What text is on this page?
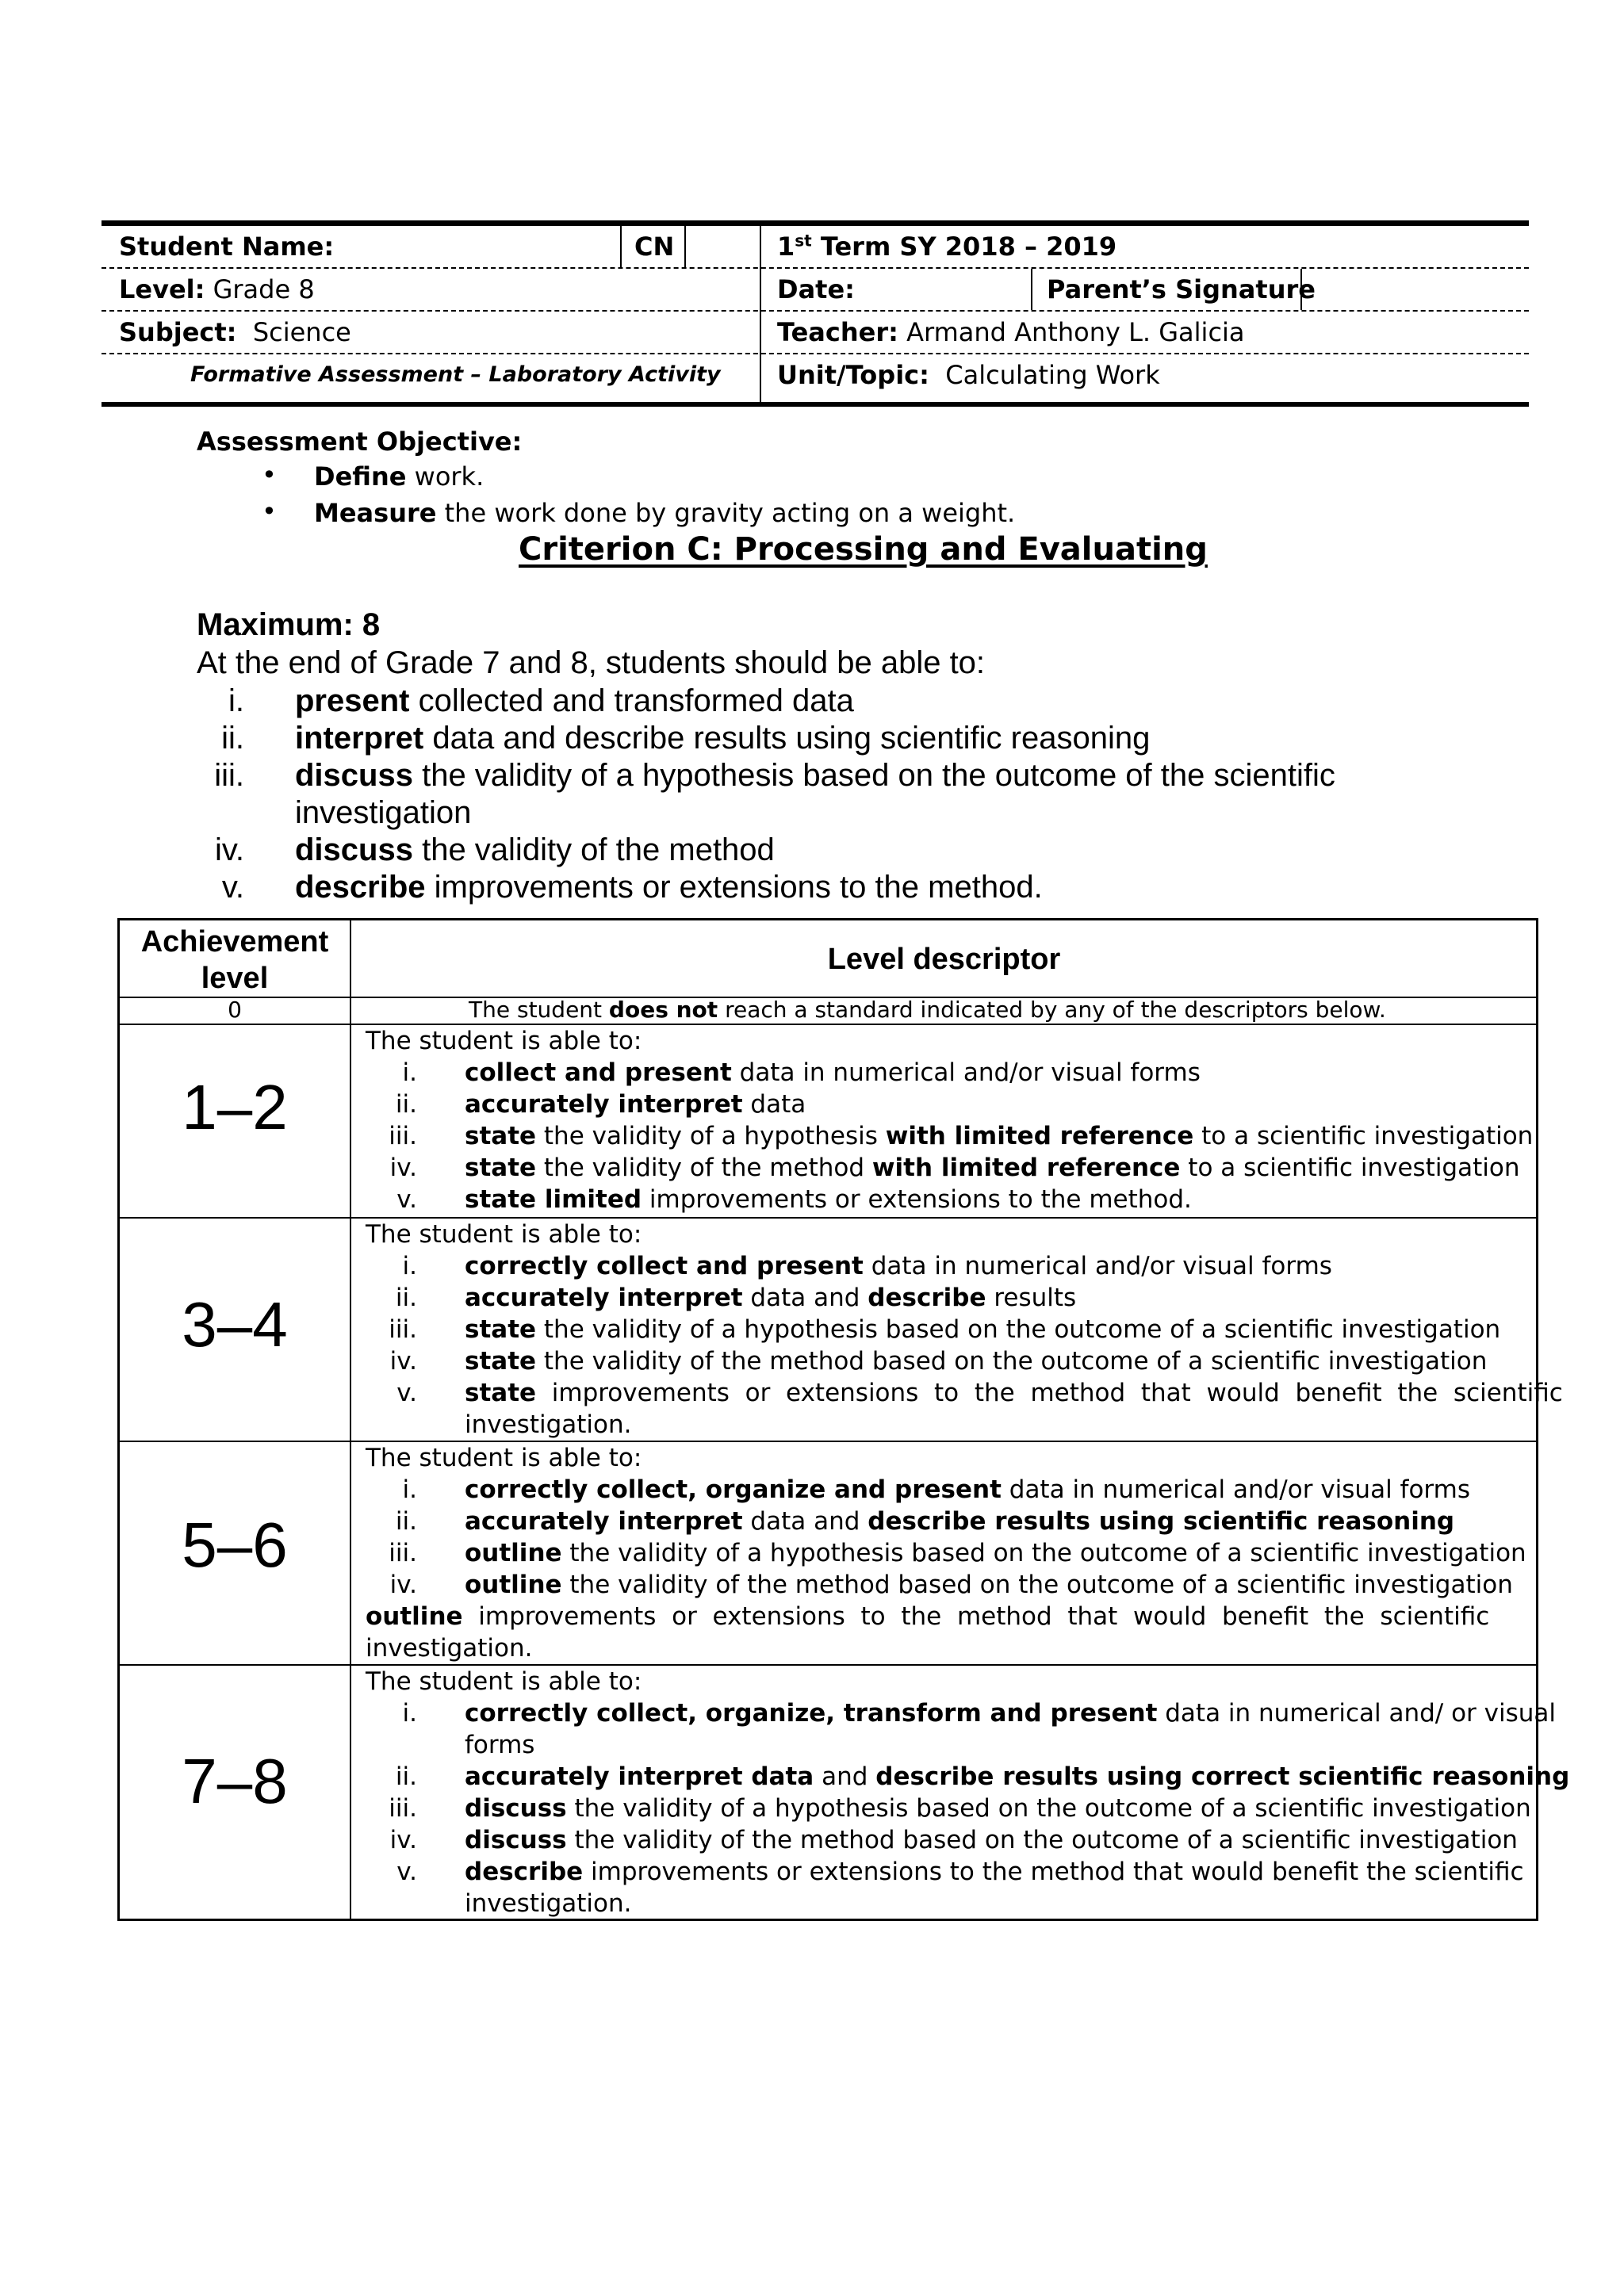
Student Name:	CN	1st Term SY 2018 – 2019
Level: Grade 8	Date:	Parent’s Signature
Subject: Science	Teacher: Armand Anthony L. Galicia
Formative Assessment – Laboratory Activity Unit/Topic: Calculating Work
Assessment Objective:
• Define work.
• Measure the work done by gravity acting on a weight.
Criterion C: Processing and Evaluating
Maximum: 8
At the end of Grade 7 and 8, students should be able to:
i. present collected and transformed data
ii. interpret data and describe results using scientific reasoning
iii. discuss the validity of a hypothesis based on the outcome of the scientific
investigation
iv. discuss the validity of the method
v. describe improvements or extensions to the method.
Achievement
level
Level descriptor
0	The student does not reach a standard indicated by any of the descriptors below.
1–2
The student is able to:
i. collect and present data in numerical and/or visual forms
ii. accurately interpret data
iii. state the validity of a hypothesis with limited reference to a scientific investigation
iv. state the validity of the method with limited reference to a scientific investigation
v. state limited improvements or extensions to the method.
3–4
The student is able to:
i. correctly collect and present data in numerical and/or visual forms
ii. accurately interpret data and describe results
iii. state the validity of a hypothesis based on the outcome of a scientific investigation
iv. state the validity of the method based on the outcome of a scientific investigation
v. state  improvements  or  extensions  to  the  method  that  would  benefit  the  scientific
investigation.
5–6
The student is able to:
i. correctly collect, organize and present data in numerical and/or visual forms
ii. accurately interpret data and describe results using scientific reasoning
iii. outline the validity of a hypothesis based on the outcome of a scientific investigation
iv. outline the validity of the method based on the outcome of a scientific investigation
outline  improvements  or  extensions  to  the  method  that  would  benefit  the  scientific
investigation.
7–8
The student is able to:
i. correctly collect, organize, transform and present data in numerical and/ or visual
forms
ii. accurately interpret data and describe results using correct scientific reasoning
iii. discuss the validity of a hypothesis based on the outcome of a scientific investigation
iv. discuss the validity of the method based on the outcome of a scientific investigation
v. describe improvements or extensions to the method that would benefit the scientific
investigation.
